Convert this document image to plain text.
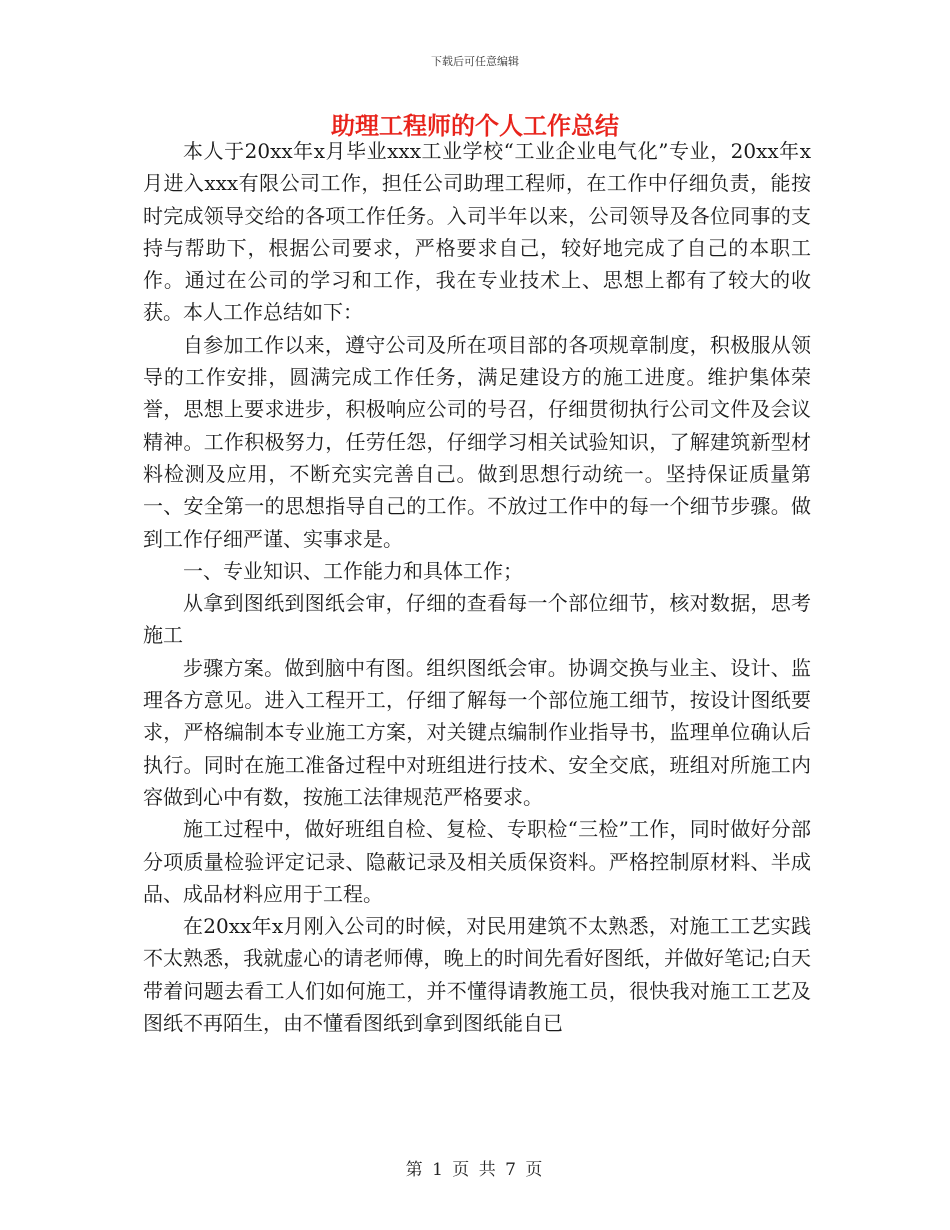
下载后可任意编辑
助理工程师的个人工作总结

本人于20xx年x月毕业xxx工业学校“工业企业电气化”专业，20xx年x月进入xxx有限公司工作，担任公司助理工程师，在工作中仔细负责，能按时完成领导交给的各项工作任务。入司半年以来，公司领导及各位同事的支持与帮助下，根据公司要求，严格要求自己，较好地完成了自己的本职工作。通过在公司的学习和工作，我在专业技术上、思想上都有了较大的收获。本人工作总结如下：

自参加工作以来，遵守公司及所在项目部的各项规章制度，积极服从领导的工作安排，圆满完成工作任务，满足建设方的施工进度。维护集体荣誉，思想上要求进步，积极响应公司的号召，仔细贯彻执行公司文件及会议精神。工作积极努力，任劳任怨，仔细学习相关试验知识，了解建筑新型材料检测及应用，不断充实完善自己。做到思想行动统一。坚持保证质量第一、安全第一的思想指导自己的工作。不放过工作中的每一个细节步骤。做到工作仔细严谨、实事求是。

一、专业知识、工作能力和具体工作；

从拿到图纸到图纸会审，仔细的查看每一个部位细节，核对数据，思考施工

步骤方案。做到脑中有图。组织图纸会审。协调交换与业主、设计、监理各方意见。进入工程开工，仔细了解每一个部位施工细节，按设计图纸要求，严格编制本专业施工方案，对关键点编制作业指导书，监理单位确认后执行。同时在施工准备过程中对班组进行技术、安全交底，班组对所施工内容做到心中有数，按施工法律规范严格要求。

施工过程中，做好班组自检、复检、专职检“三检”工作，同时做好分部分项质量检验评定记录、隐蔽记录及相关质保资料。严格控制原材料、半成品、成品材料应用于工程。

在20xx年x月刚入公司的时候，对民用建筑不太熟悉，对施工工艺实践不太熟悉，我就虚心的请老师傅，晚上的时间先看好图纸，并做好笔记;白天带着问题去看工人们如何施工，并不懂得请教施工员，很快我对施工工艺及图纸不再陌生，由不懂看图纸到拿到图纸能自已

第 1 页 共 7 页
